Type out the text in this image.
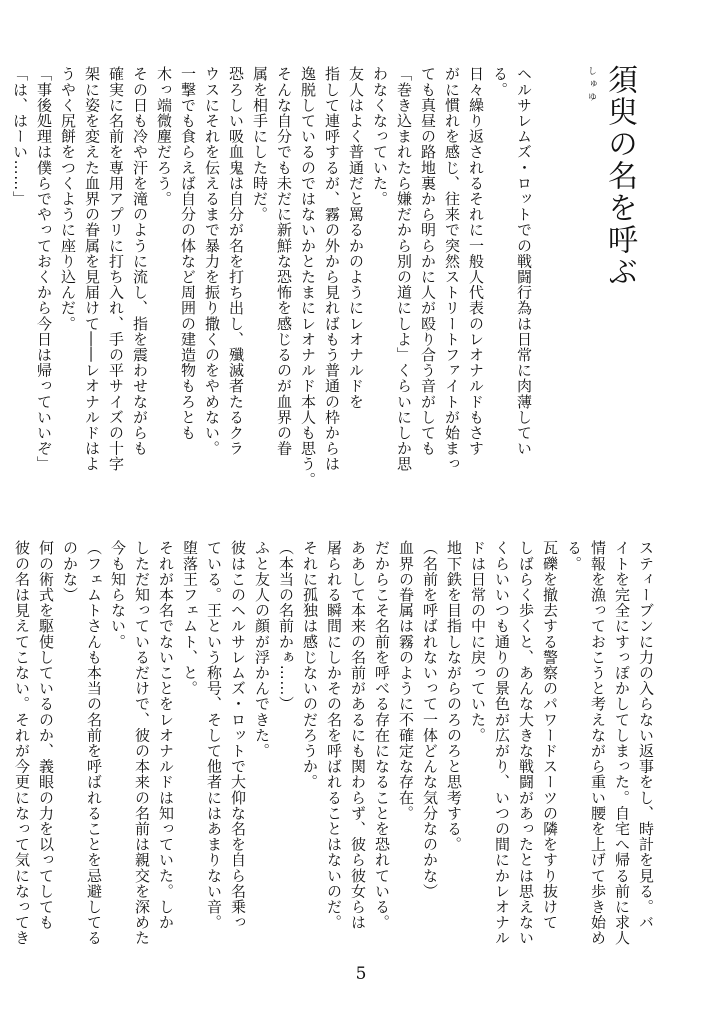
しゅゆ 須臾の名を呼ぶ
ヘルサレムズ・ロットでの戦闘行為は日常に肉薄してい
る。
日々繰り返されるそれに一般人代表のレオナルドもさす
がに慣れを感じ、往来で突然ストリートファイトが始まっ
ても真昼の路地裏から明らかに人が殴り合う音がしても
「巻き込まれたら嫌だから別の道にしよ」くらいにしか思
わなくなっていた。
友人はよく普通だと罵るかのようにレオナルドを
指して連呼するが、霧の外から見ればもう普通の枠からは
逸脱しているのではないかとたまにレオナルド本人も思う。
そんな自分でも未だに新鮮な恐怖を感じるのが血界の眷
属を相手にした時だ。
恐ろしい吸血鬼は自分が名を打ち出し、殲滅者たるクラ
ウスにそれを伝えるまで暴力を振り撒くのをやめない。
一撃でも食らえば自分の体など周囲の建造物もろとも
木っ端微塵だろう。
その日も冷や汗を滝のように流し、指を震わせながらも
確実に名前を専用アプリに打ち入れ、手の平サイズの十字
架に姿を変えた血界の眷属を見届けて――レオナルドはよ
うやく尻餅をつくように座り込んだ。
「事後処理は僕らでやっておくから今日は帰っていいぞ」
「は、はーい……」
スティーブンに力の入らない返事をし、時計を見る。バ
イトを完全にすっぽかしてしまった。自宅へ帰る前に求人
情報を漁っておこうと考えながら重い腰を上げて歩き始め
る。
瓦礫を撤去する警察のパワードスーツの隣をすり抜けて
しばらく歩くと、あんな大きな戦闘があったとは思えない
くらいいつも通りの景色が広がり、いつの間にかレオナル
ドは日常の中に戻っていた。
地下鉄を目指しながらのろのろと思考する。
（名前を呼ばれないって一体どんな気分なのかな）
血界の眷属は霧のように不確定な存在。
だからこそ名前を呼べる存在になることを恐れている。
ああして本来の名前があるにも関わらず、彼ら彼女らは
屠られる瞬間にしかその名を呼ばれることはないのだ。
それに孤独は感じないのだろうか。
（本当の名前かぁ……）
ふと友人の顔が浮かんできた。
彼はこのヘルサレムズ・ロットで大仰な名を自ら名乗っ
ている。王という称号、そして他者にはあまりない音。
堕落王フェムト、と。
それが本名でないことをレオナルドは知っていた。しか
しただ知っているだけで、彼の本来の名前は親交を深めた
今も知らない。
（フェムトさんも本当の名前を呼ばれることを忌避してる
のかな）
何の術式を駆使しているのか、義眼の力を以ってしても
彼の名は見えてこない。それが今更になって気になってき
5
